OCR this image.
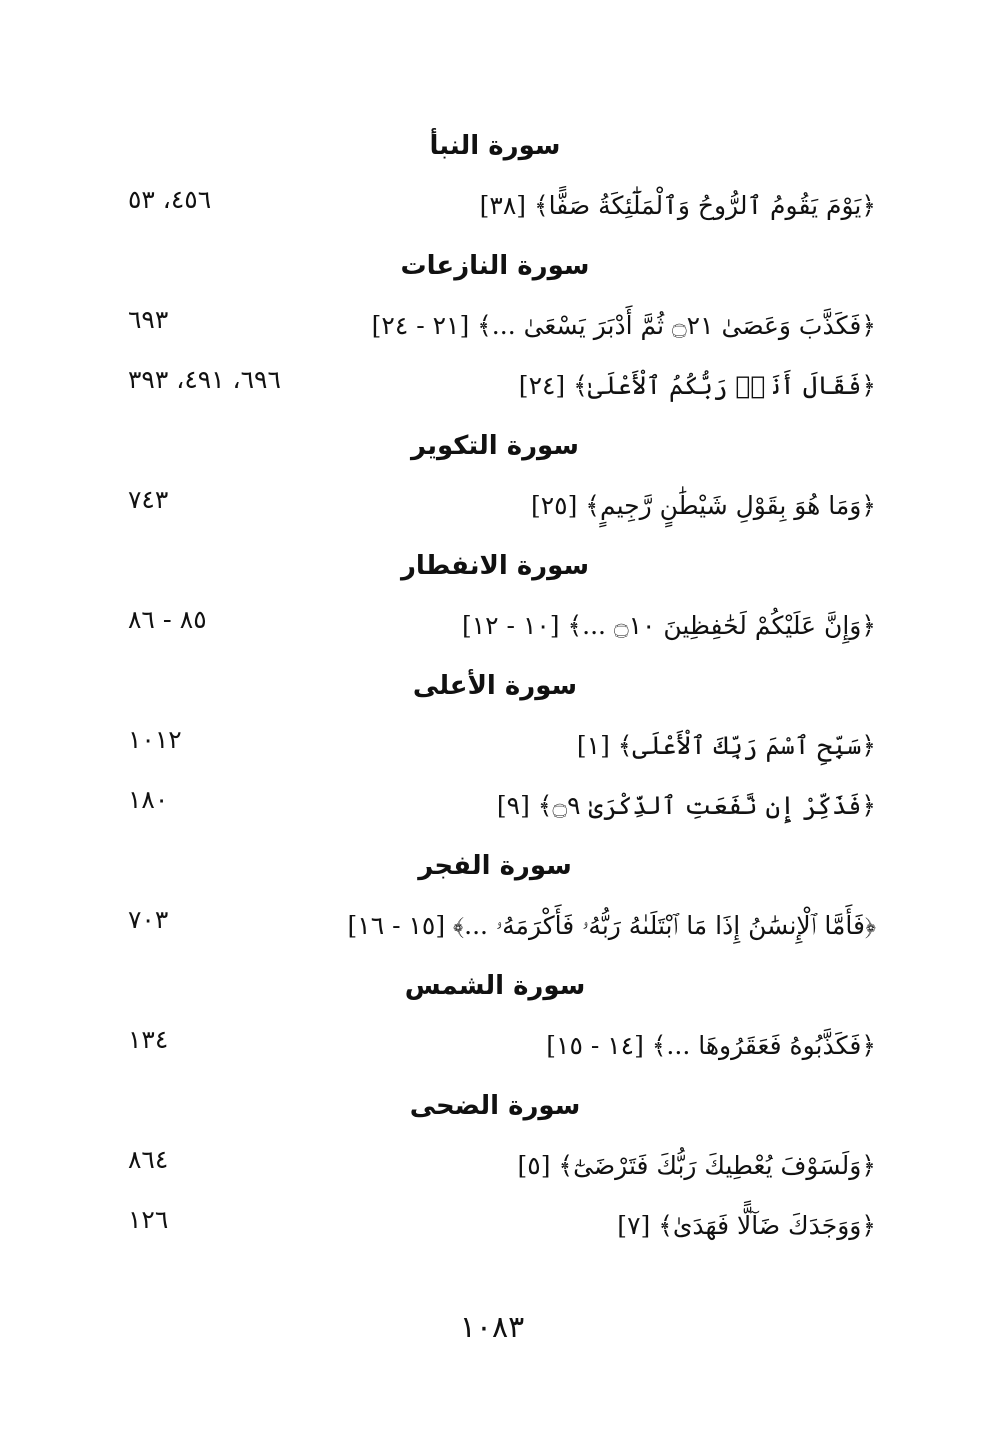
سورة النبأ
﴿يَوْمَ يَقُومُ ٱلرُّوحُ وَٱلْمَلَٰٓئِكَةُ صَفًّا﴾ [٣٨]
٤٥٦، ٥٣
سورة النازعات
﴿فَكَذَّبَ وَعَصَىٰ ۝٢١ ثُمَّ أَدْبَرَ يَسْعَىٰ ...﴾ [٢١ - ٢٤]
٦٩٣
﴿فَقَالَ أَنَا۠ رَبُّكُمُ ٱلْأَعْلَىٰ﴾ [٢٤]
٦٩٦، ٤٩١، ٣٩٣
سورة التكوير
﴿وَمَا هُوَ بِقَوْلِ شَيْطَٰنٍ رَّجِيمٍ﴾ [٢٥]
٧٤٣
سورة الانفطار
﴿وَإِنَّ عَلَيْكُمْ لَحَٰفِظِينَ ۝١٠ ...﴾ [١٠ - ١٢]
٨٥ - ٨٦
سورة الأعلى
﴿سَبِّحِ ٱسْمَ رَبِّكَ ٱلْأَعْلَى﴾ [١]
١٠١٢
﴿فَذَكِّرْ إِن نَّفَعَتِ ٱلذِّكْرَىٰ ۝٩﴾ [٩]
١٨٠
سورة الفجر
﴿فَأَمَّا ٱلْإِنسَٰنُ إِذَا مَا ٱبْتَلَىٰهُ رَبُّهُۥ فَأَكْرَمَهُۥ ...﴾ [١٥ - ١٦]
٧٠٣
سورة الشمس
﴿فَكَذَّبُوهُ فَعَقَرُوهَا ...﴾ [١٤ - ١٥]
١٣٤
سورة الضحى
﴿وَلَسَوْفَ يُعْطِيكَ رَبُّكَ فَتَرْضَىٰٓ﴾ [٥]
٨٦٤
﴿وَوَجَدَكَ ضَآلًّا فَهَدَىٰ﴾ [٧]
١٢٦
١٠٨٣
